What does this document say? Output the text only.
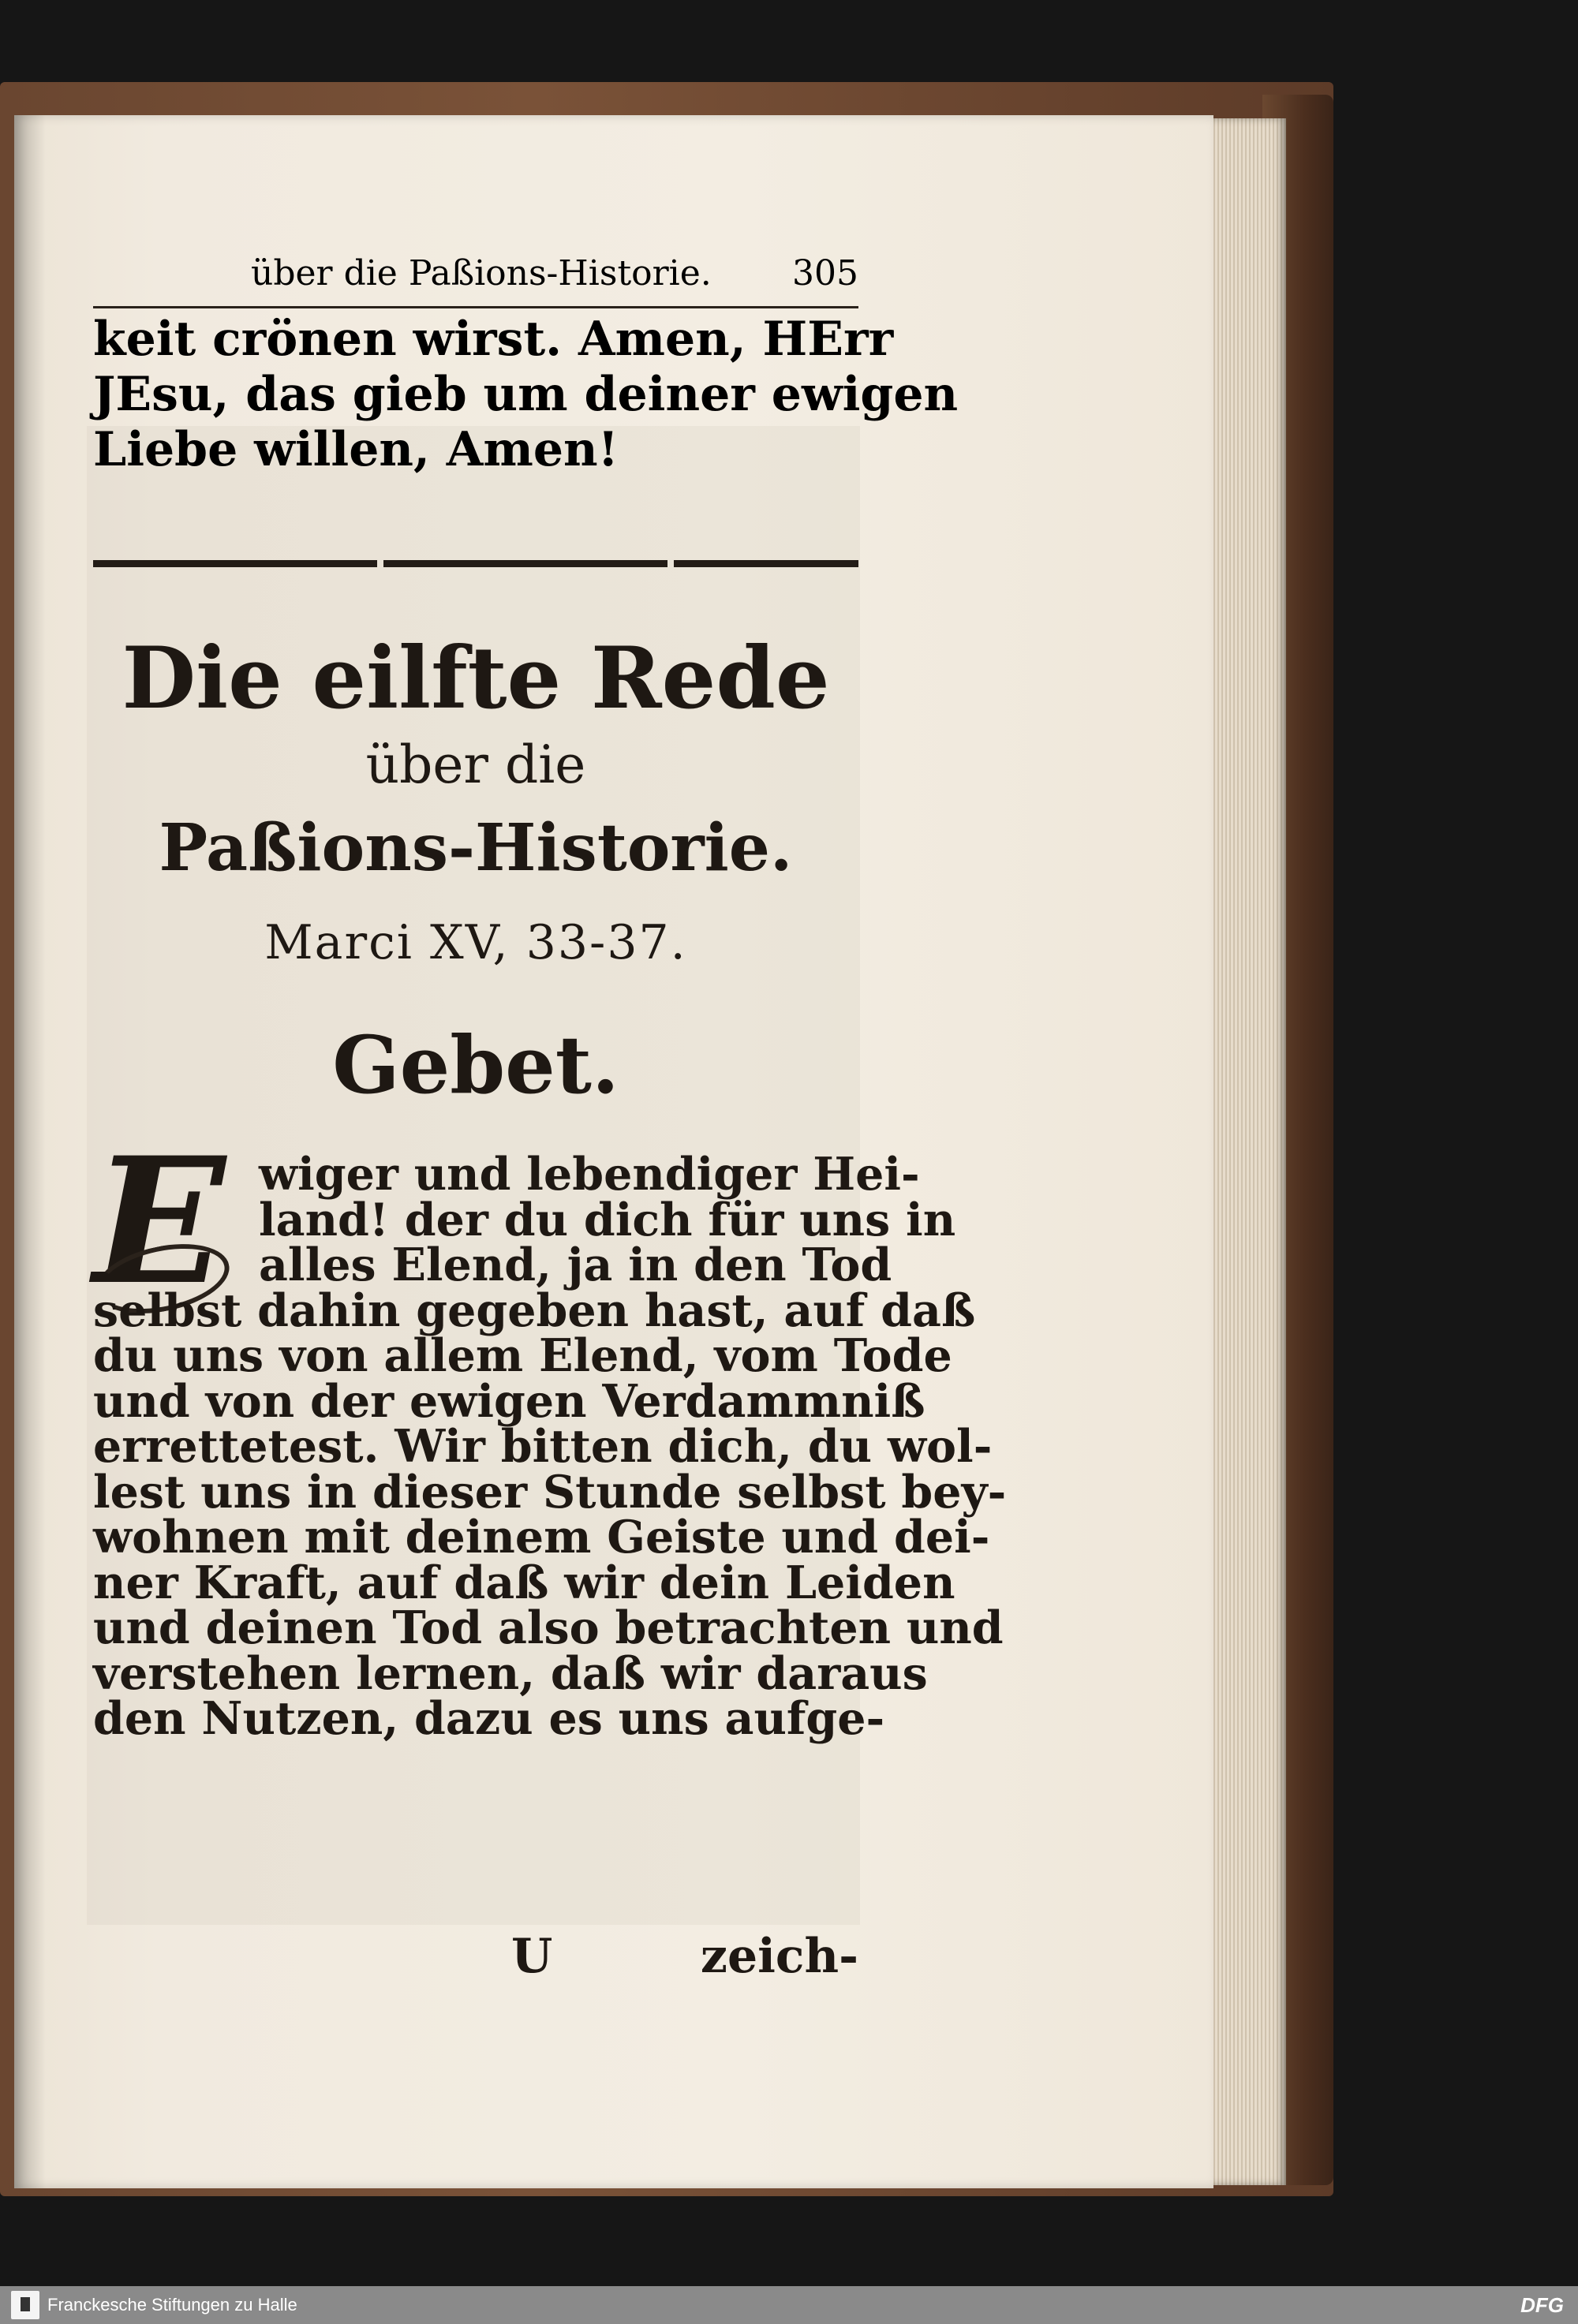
über die Paßions-Historie. 305
keit crönen wirst. Amen, HErr
JEsu, das gieb um deiner ewigen
Liebe willen, Amen!
Die eilfte Rede
über die
Paßions-Historie.
Marci XV, 33-37.
Gebet.
E wiger und lebendiger Hei-
land! der du dich für uns in
alles Elend, ja in den Tod
selbst dahin gegeben hast, auf daß
du uns von allem Elend, vom Tode
und von der ewigen Verdammniß
errettetest. Wir bitten dich, du wol-
lest uns in dieser Stunde selbst bey-
wohnen mit deinem Geiste und dei-
ner Kraft, auf daß wir dein Leiden
und deinen Tod also betrachten und
verstehen lernen, daß wir daraus
den Nutzen, dazu es uns aufge-
U	zeich-
Franckesche Stiftungen zu Halle	DFG
